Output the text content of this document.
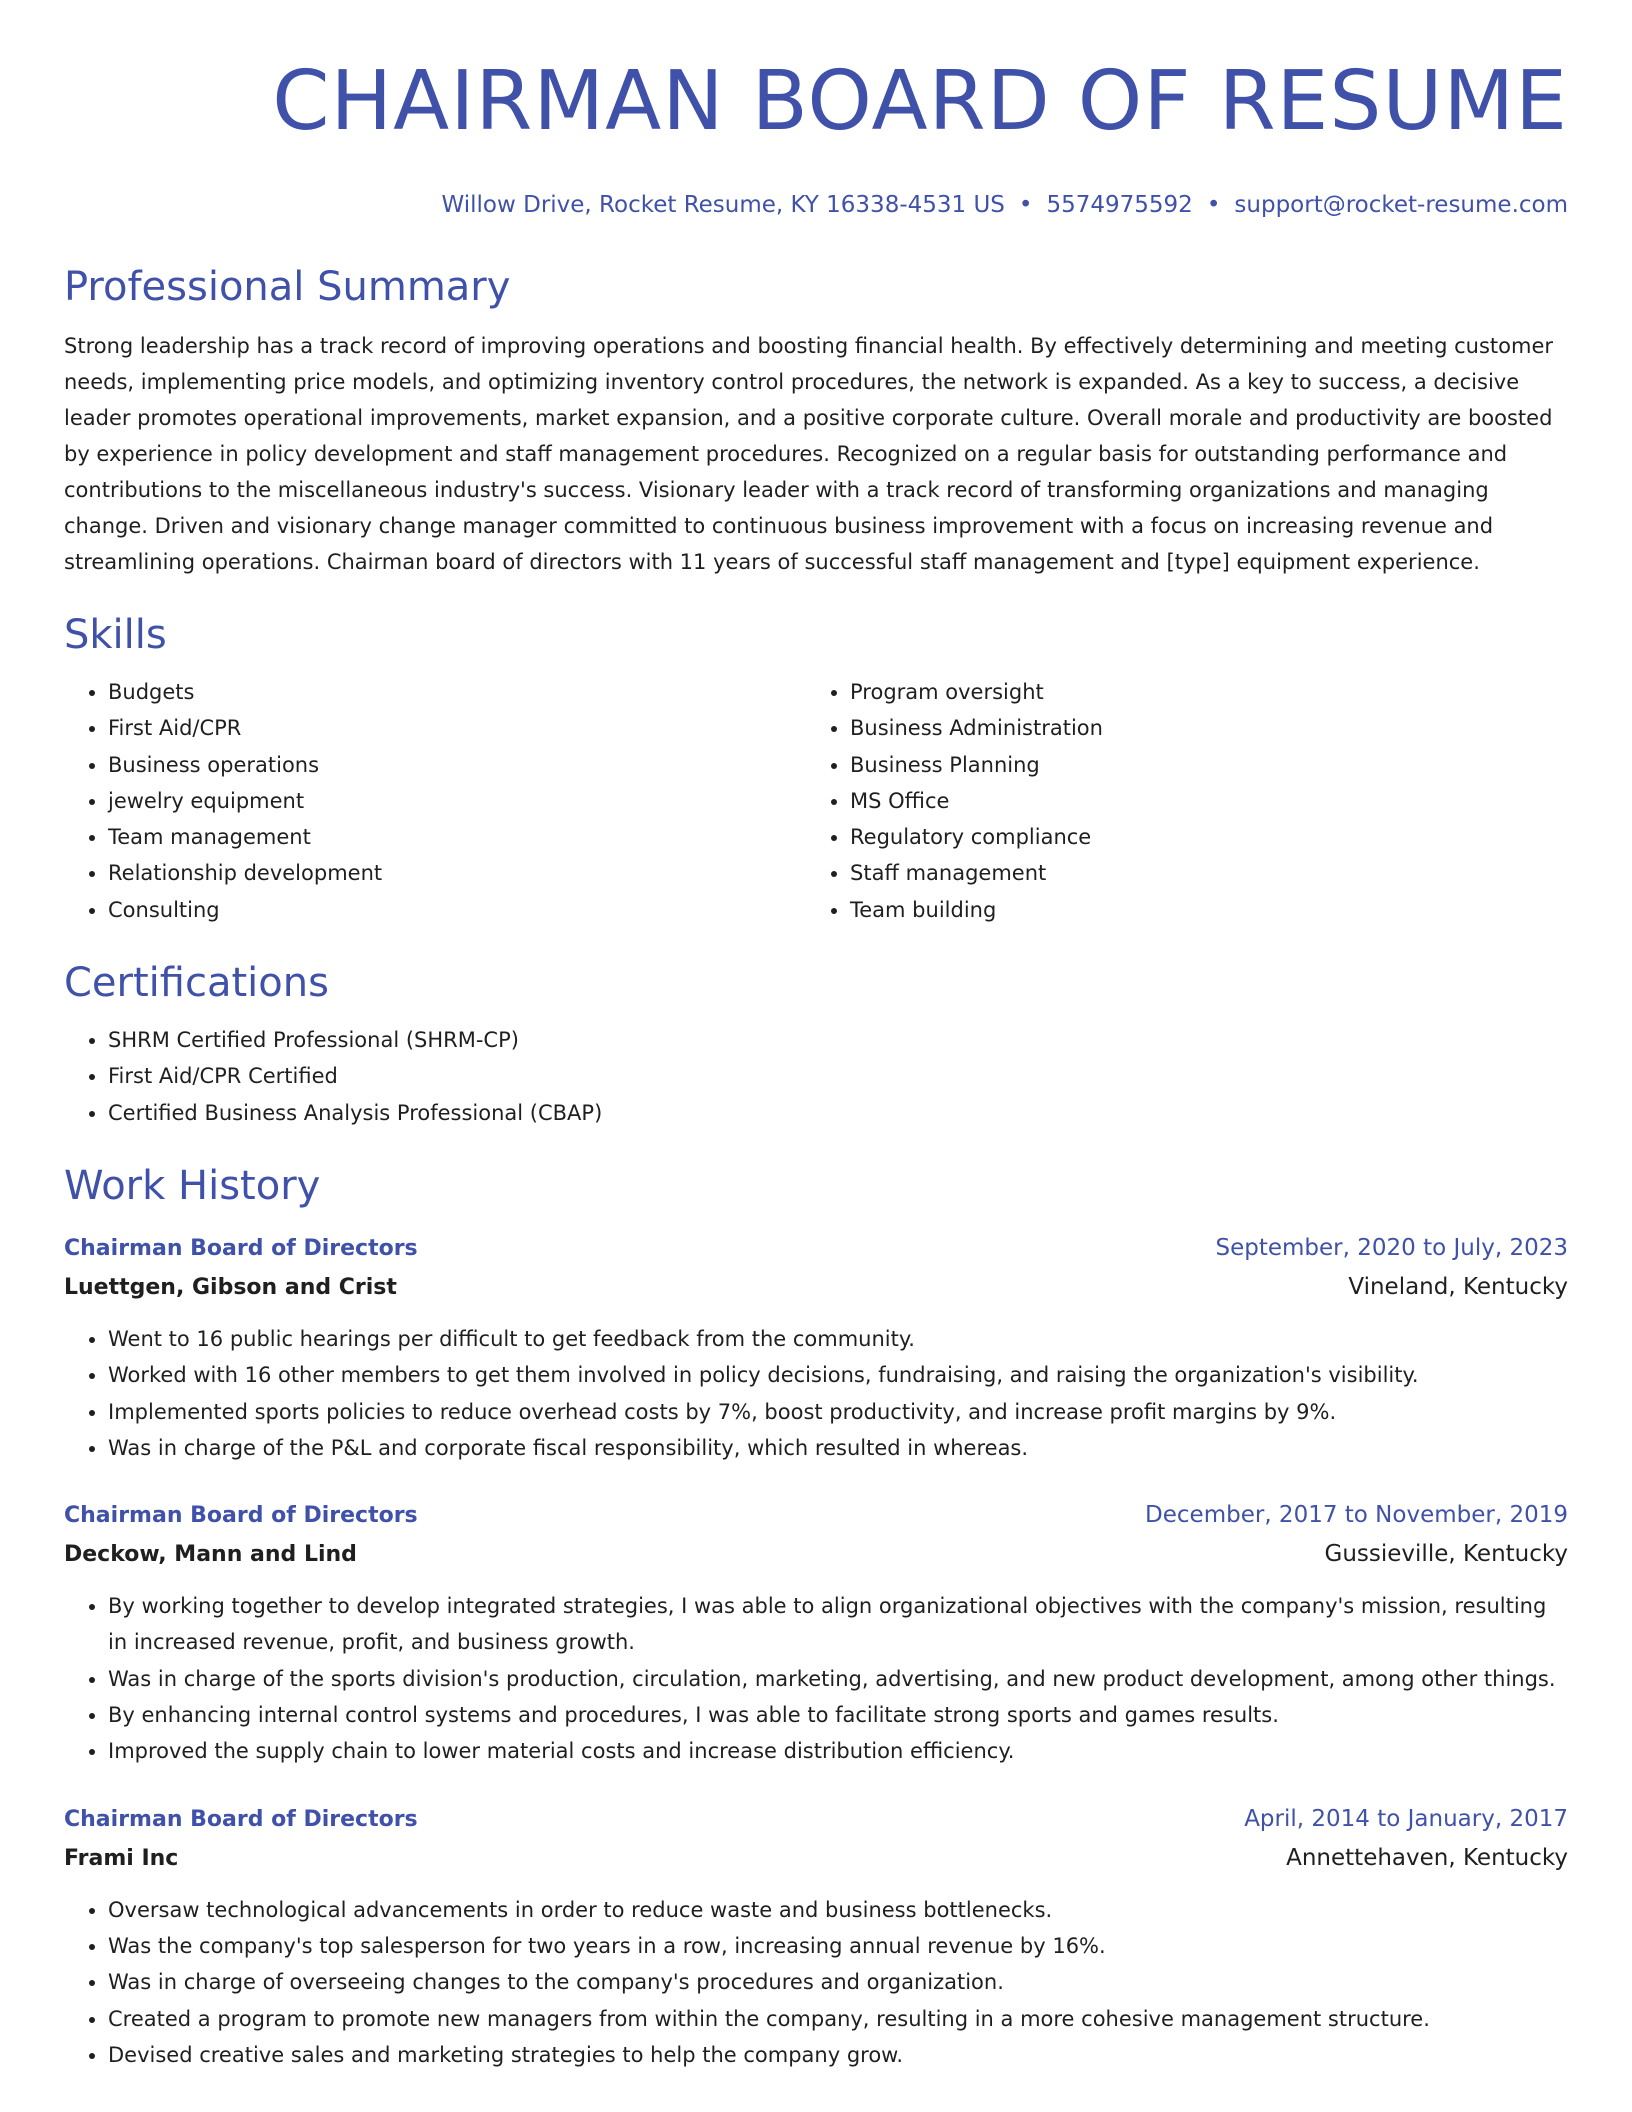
CHAIRMAN BOARD OF RESUME
Willow Drive, Rocket Resume, KY 16338-4531 US • 5574975592 • support@rocket-resume.com
Professional Summary

Strong leadership has a track record of improving operations and boosting financial health. By effectively determining and meeting customer needs, implementing price models, and optimizing inventory control procedures, the network is expanded. As a key to success, a decisive leader promotes operational improvements, market expansion, and a positive corporate culture. Overall morale and productivity are boosted by experience in policy development and staff management procedures. Recognized on a regular basis for outstanding performance and contributions to the miscellaneous industry's success. Visionary leader with a track record of transforming organizations and managing change. Driven and visionary change manager committed to continuous business improvement with a focus on increasing revenue and streamlining operations. Chairman board of directors with 11 years of successful staff management and [type] equipment experience.

Skills
• Budgets
• First Aid/CPR
• Business operations
• jewelry equipment
• Team management
• Relationship development
• Consulting
• Program oversight
• Business Administration
• Business Planning
• MS Office
• Regulatory compliance
• Staff management
• Team building
Certifications
• SHRM Certified Professional (SHRM-CP)
• First Aid/CPR Certified
• Certified Business Analysis Professional (CBAP)
Work History
Chairman Board of Directors	September, 2020 to July, 2023
Luettgen, Gibson and Crist	Vineland, Kentucky
• Went to 16 public hearings per difficult to get feedback from the community.
• Worked with 16 other members to get them involved in policy decisions, fundraising, and raising the organization's visibility.
• Implemented sports policies to reduce overhead costs by 7%, boost productivity, and increase profit margins by 9%.
• Was in charge of the P&L and corporate fiscal responsibility, which resulted in whereas.
Chairman Board of Directors	December, 2017 to November, 2019
Deckow, Mann and Lind	Gussieville, Kentucky
• By working together to develop integrated strategies, I was able to align organizational objectives with the company's mission, resulting in increased revenue, profit, and business growth.
• Was in charge of the sports division's production, circulation, marketing, advertising, and new product development, among other things.
• By enhancing internal control systems and procedures, I was able to facilitate strong sports and games results.
• Improved the supply chain to lower material costs and increase distribution efficiency.
Chairman Board of Directors	April, 2014 to January, 2017
Frami Inc	Annettehaven, Kentucky
• Oversaw technological advancements in order to reduce waste and business bottlenecks.
• Was the company's top salesperson for two years in a row, increasing annual revenue by 16%.
• Was in charge of overseeing changes to the company's procedures and organization.
• Created a program to promote new managers from within the company, resulting in a more cohesive management structure.
• Devised creative sales and marketing strategies to help the company grow.
